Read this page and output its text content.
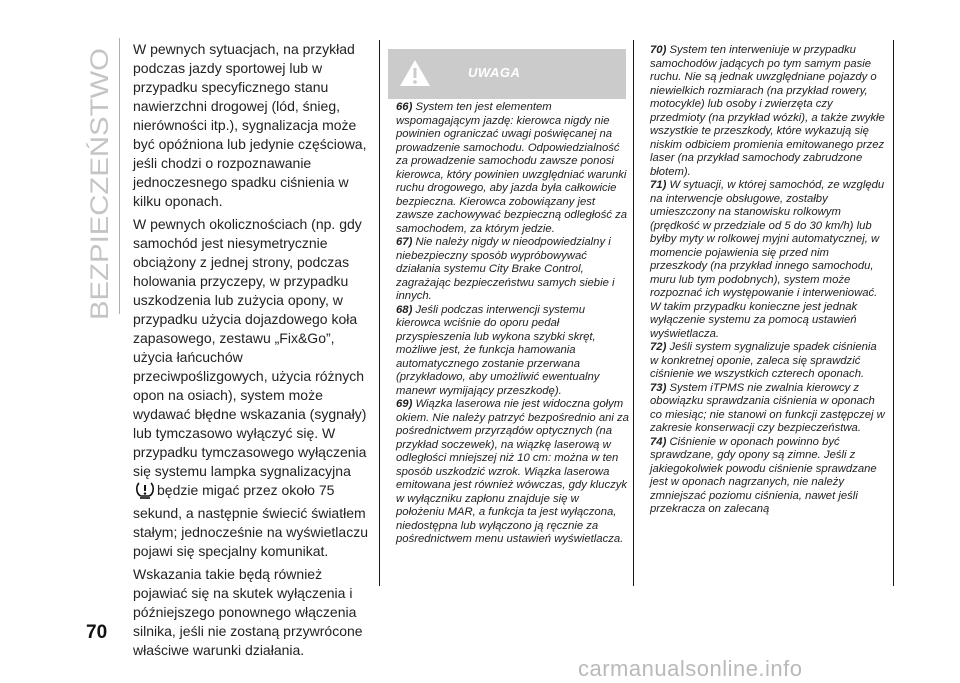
BEZPIECZEŃSTWO
70

W pewnych sytuacjach, na przykład podczas jazdy sportowej lub w przypadku specyficznego stanu nawierzchni drogowej (lód, śnieg, nierówności itp.), sygnalizacja może być opóźniona lub jedynie częściowa, jeśli chodzi o rozpoznawanie jednoczesnego spadku ciśnienia w kilku oponach.

W pewnych okolicznościach (np. gdy samochód jest niesymetrycznie obciążony z jednej strony, podczas holowania przyczepy, w przypadku uszkodzenia lub zużycia opony, w przypadku użycia dojazdowego koła zapasowego, zestawu „Fix&Go”, użycia łańcuchów przeciwpoślizgowych, użycia różnych opon na osiach), system może wydawać błędne wskazania (sygnały) lub tymczasowo wyłączyć się. W przypadku tymczasowego wyłączenia się systemu lampka sygnalizacyjna będzie migać przez około 75 sekund, a następnie świecić światłem stałym; jednocześnie na wyświetlaczu pojawi się specjalny komunikat.

Wskazania takie będą również pojawiać się na skutek wyłączenia i późniejszego ponownego włączenia silnika, jeśli nie zostaną przywrócone właściwe warunki działania.

UWAGA

66) System ten jest elementem wspomagającym jazdę: kierowca nigdy nie powinien ograniczać uwagi poświęcanej na prowadzenie samochodu. Odpowiedzialność za prowadzenie samochodu zawsze ponosi kierowca, który powinien uwzględniać warunki ruchu drogowego, aby jazda była całkowicie bezpieczna. Kierowca zobowiązany jest zawsze zachowywać bezpieczną odległość za samochodem, za którym jedzie.

67) Nie należy nigdy w nieodpowiedzialny i niebezpieczny sposób wypróbowywać działania systemu City Brake Control, zagrażając bezpieczeństwu samych siebie i innych.

68) Jeśli podczas interwencji systemu kierowca wciśnie do oporu pedał przyspieszenia lub wykona szybki skręt, możliwe jest, że funkcja hamowania automatycznego zostanie przerwana (przykładowo, aby umożliwić ewentualny manewr wymijający przeszkodę).

69) Wiązka laserowa nie jest widoczna gołym okiem. Nie należy patrzyć bezpośrednio ani za pośrednictwem przyrządów optycznych (na przykład soczewek), na wiązkę laserową w odległości mniejszej niż 10 cm: można w ten sposób uszkodzić wzrok. Wiązka laserowa emitowana jest również wówczas, gdy kluczyk w wyłączniku zapłonu znajduje się w położeniu MAR, a funkcja ta jest wyłączona, niedostępna lub wyłączono ją ręcznie za pośrednictwem menu ustawień wyświetlacza.

70) System ten interweniuje w przypadku samochodów jadących po tym samym pasie ruchu. Nie są jednak uwzględniane pojazdy o niewielkich rozmiarach (na przykład rowery, motocykle) lub osoby i zwierzęta czy przedmioty (na przykład wózki), a także zwykłe wszystkie te przeszkody, które wykazują się niskim odbiciem promienia emitowanego przez laser (na przykład samochody zabrudzone błotem).

71) W sytuacji, w której samochód, ze względu na interwencje obsługowe, zostałby umieszczony na stanowisku rolkowym (prędkość w przedziale od 5 do 30 km/h) lub byłby myty w rolkowej myjni automatycznej, w momencie pojawienia się przed nim przeszkody (na przykład innego samochodu, muru lub tym podobnych), system może rozpoznać ich występowanie i interweniować. W takim przypadku konieczne jest jednak wyłączenie systemu za pomocą ustawień wyświetlacza.

72) Jeśli system sygnalizuje spadek ciśnienia w konkretnej oponie, zaleca się sprawdzić ciśnienie we wszystkich czterech oponach.

73) System iTPMS nie zwalnia kierowcy z obowiązku sprawdzania ciśnienia w oponach co miesiąc; nie stanowi on funkcji zastępczej w zakresie konserwacji czy bezpieczeństwa.

74) Ciśnienie w oponach powinno być sprawdzane, gdy opony są zimne. Jeśli z jakiegokolwiek powodu ciśnienie sprawdzane jest w oponach nagrzanych, nie należy zmniejszać poziomu ciśnienia, nawet jeśli przekracza on zalecaną

carmanualsonline.info
